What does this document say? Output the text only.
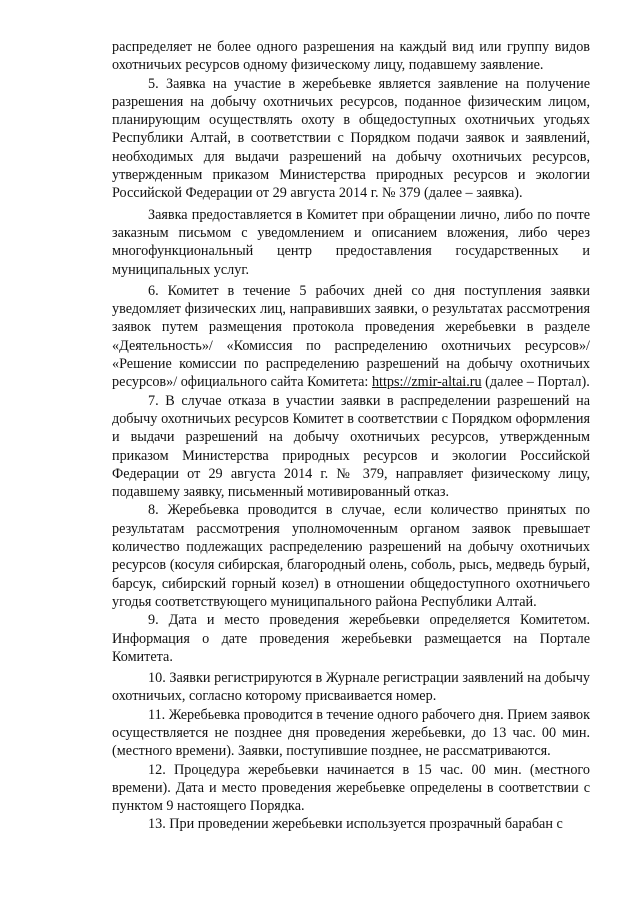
распределяет не более одного разрешения на каждый вид или группу видов охотничьих ресурсов одному физическому лицу, подавшему заявление.

5. Заявка на участие в жеребьевке является заявление на получение разрешения на добычу охотничьих ресурсов, поданное физическим лицом, планирующим осуществлять охоту в общедоступных охотничьих угодьях Республики Алтай, в соответствии с Порядком подачи заявок и заявлений, необходимых для выдачи разрешений на добычу охотничьих ресурсов, утвержденным приказом Министерства природных ресурсов и экологии Российской Федерации от 29 августа 2014 г. № 379 (далее – заявка).

Заявка предоставляется в Комитет при обращении лично, либо по почте заказным письмом с уведомлением и описанием вложения, либо через многофункциональный центр предоставления государственных и муниципальных услуг.

6. Комитет в течение 5 рабочих дней со дня поступления заявки уведомляет физических лиц, направивших заявки, о результатах рассмотрения заявок путем размещения протокола проведения жеребьевки в разделе «Деятельность»/ «Комиссия по распределению охотничьих ресурсов»/ «Решение комиссии по распределению разрешений на добычу охотничьих ресурсов»/ официального сайта Комитета: https://zmir-altai.ru (далее – Портал).

7. В случае отказа в участии заявки в распределении разрешений на добычу охотничьих ресурсов Комитет в соответствии с Порядком оформления и выдачи разрешений на добычу охотничьих ресурсов, утвержденным приказом Министерства природных ресурсов и экологии Российской Федерации от 29 августа 2014 г. № 379, направляет физическому лицу, подавшему заявку, письменный мотивированный отказ.

8. Жеребьевка проводится в случае, если количество принятых по результатам рассмотрения уполномоченным органом заявок превышает количество подлежащих распределению разрешений на добычу охотничьих ресурсов (косуля сибирская, благородный олень, соболь, рысь, медведь бурый, барсук, сибирский горный козел) в отношении общедоступного охотничьего угодья соответствующего муниципального района Республики Алтай.

9. Дата и место проведения жеребьевки определяется Комитетом. Информация о дате проведения жеребьевки размещается на Портале Комитета.

10. Заявки регистрируются в Журнале регистрации заявлений на добычу охотничьих, согласно которому присваивается номер.

11. Жеребьевка проводится в течение одного рабочего дня. Прием заявок осуществляется не позднее дня проведения жеребьевки, до 13 час. 00 мин. (местного времени). Заявки, поступившие позднее, не рассматриваются.

12. Процедура жеребьевки начинается в 15 час. 00 мин. (местного времени). Дата и место проведения жеребьевке определены в соответствии с пунктом 9 настоящего Порядка.

13. При проведении жеребьевки используется прозрачный барабан с
